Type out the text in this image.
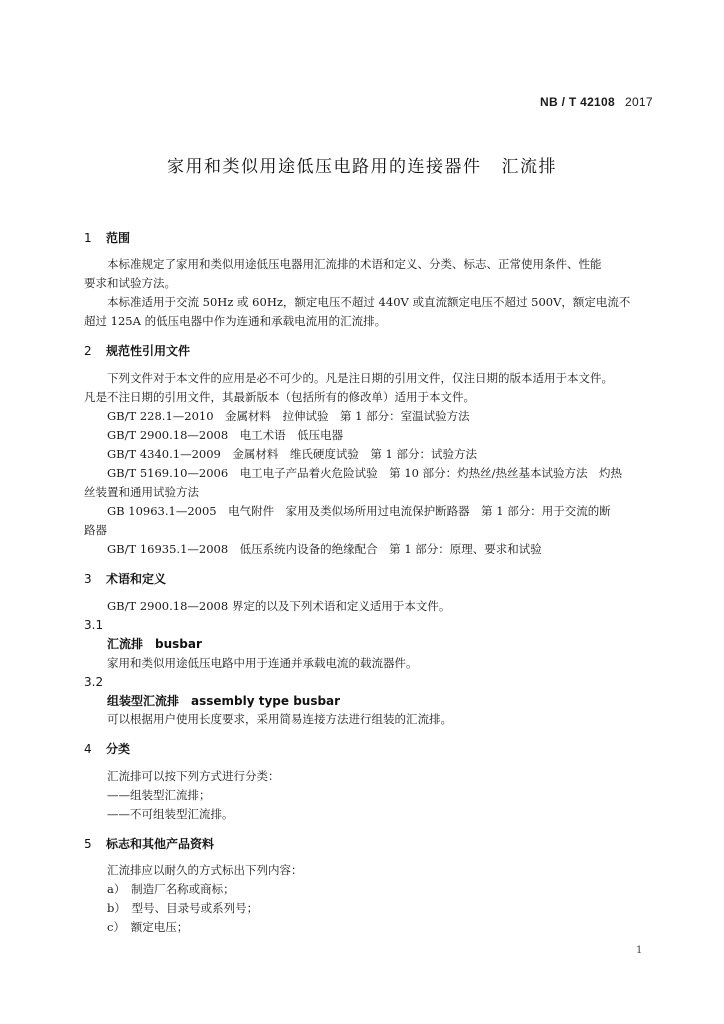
NB / T 42108 2017
家用和类似用途低压电路用的连接器件 汇流排
1 范围
本标准规定了家用和类似用途低压电器用汇流排的术语和定义、分类、标志、正常使用条件、性能
要求和试验方法。
本标准适用于交流 50Hz 或 60Hz，额定电压不超过 440V 或直流额定电压不超过 500V，额定电流不
超过 125A 的低压电器中作为连通和承载电流用的汇流排。
2 规范性引用文件
下列文件对于本文件的应用是必不可少的。凡是注日期的引用文件，仅注日期的版本适用于本文件。
凡是不注日期的引用文件，其最新版本（包括所有的修改单）适用于本文件。
GB/T 228.1—2010　金属材料　拉伸试验　第 1 部分：室温试验方法
GB/T 2900.18—2008　电工术语　低压电器
GB/T 4340.1—2009　金属材料　维氏硬度试验　第 1 部分：试验方法
GB/T 5169.10—2006　电工电子产品着火危险试验　第 10 部分：灼热丝/热丝基本试验方法　灼热
丝装置和通用试验方法
GB 10963.1—2005　电气附件　家用及类似场所用过电流保护断路器　第 1 部分：用于交流的断
路器
GB/T 16935.1—2008　低压系统内设备的绝缘配合　第 1 部分：原理、要求和试验
3 术语和定义
GB/T 2900.18—2008 界定的以及下列术语和定义适用于本文件。
3.1
汇流排　busbar
家用和类似用途低压电路中用于连通并承载电流的载流器件。
3.2
组装型汇流排　assembly type busbar
可以根据用户使用长度要求，采用简易连接方法进行组装的汇流排。
4 分类
汇流排可以按下列方式进行分类：
——组装型汇流排；
——不可组装型汇流排。
5 标志和其他产品资料
汇流排应以耐久的方式标出下列内容：
a）　制造厂名称或商标；
b）　型号、目录号或系列号；
c）　额定电压；
1
